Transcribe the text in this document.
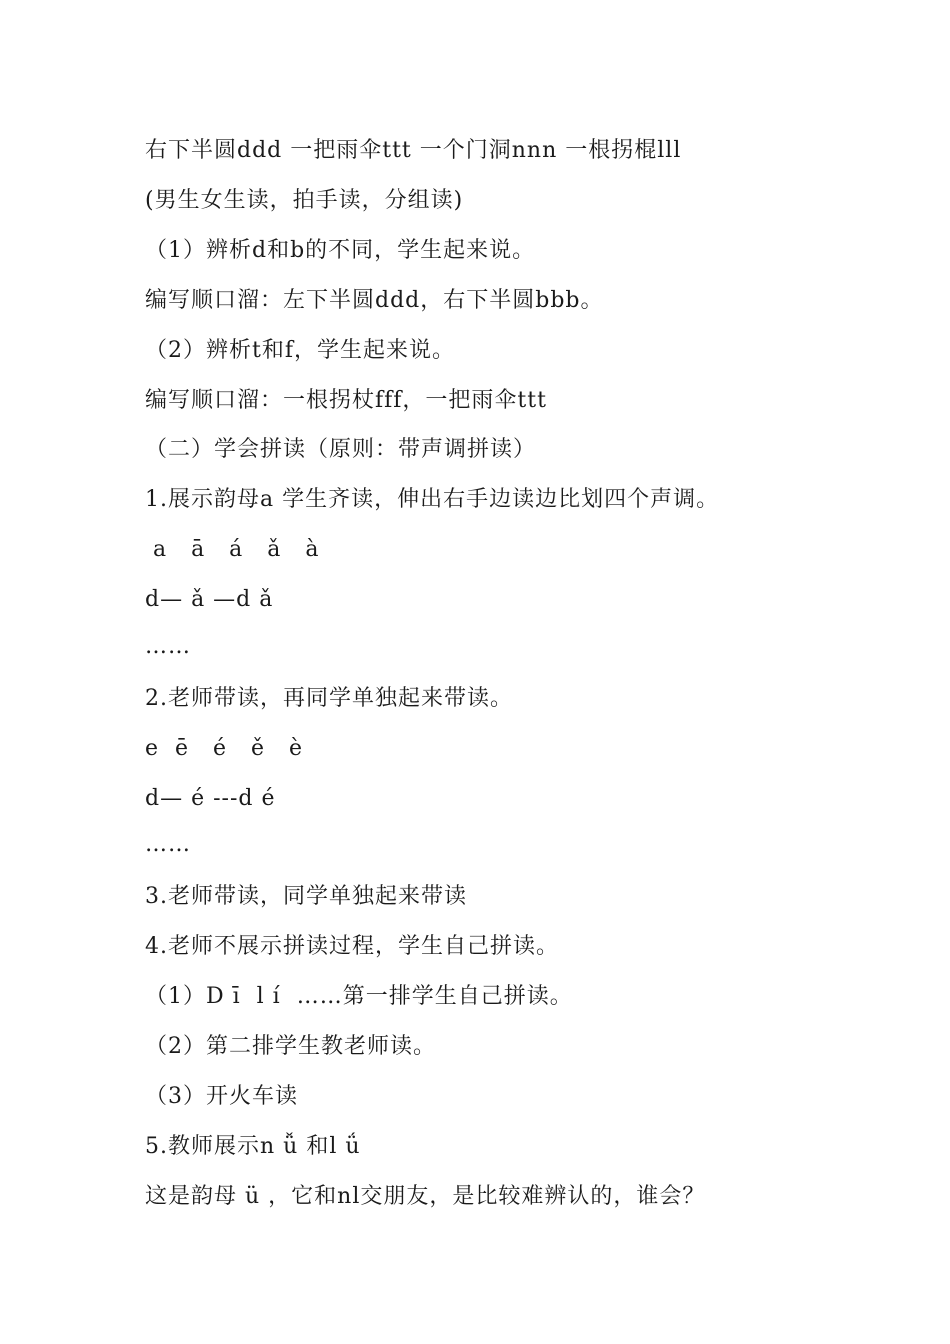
右下半圆ddd 一把雨伞ttt 一个门洞nnn 一根拐棍lll
(男生女生读，拍手读，分组读)
（1）辨析d和b的不同，学生起来说。
编写顺口溜：左下半圆ddd，右下半圆bbb。
（2）辨析t和f，学生起来说。
编写顺口溜：一根拐杖fff，一把雨伞ttt
（二）学会拼读（原则：带声调拼读）
1.展示韵母a 学生齐读，伸出右手边读边比划四个声调。
a   ā   á   ǎ   à
d— ǎ —d ǎ
……
2.老师带读，再同学单独起来带读。
e  ē   é   ě   è
d— é ---d é
……
3.老师带读，同学单独起来带读
4.老师不展示拼读过程，学生自己拼读。
（1）D ī  l í  ……第一排学生自己拼读。
（2）第二排学生教老师读。
（3）开火车读
5.教师展示n ǚ 和l ǘ
这是韵母 ü ，它和nl交朋友，是比较难辨认的，谁会？
